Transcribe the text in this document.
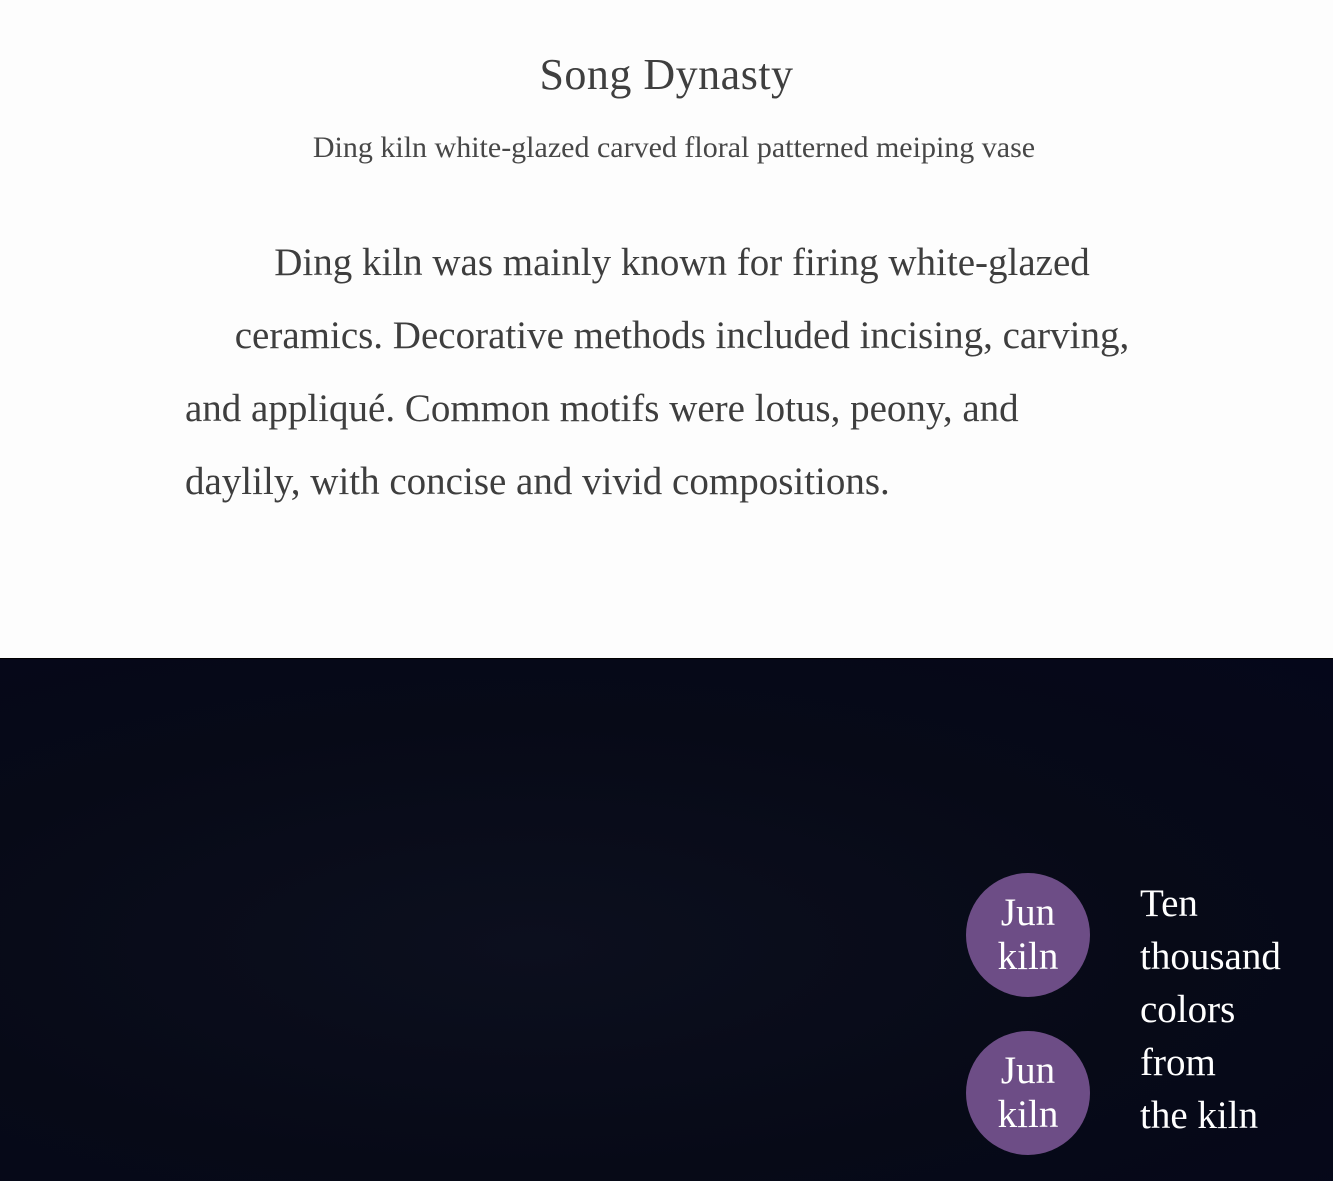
Song Dynasty
Ding kiln white-glazed carved floral patterned meiping vase

Ding kiln was mainly known for firing white-glazed
ceramics. Decorative methods included incising, carving,
and appliqué. Common motifs were lotus, peony, and
daylily, with concise and vivid compositions.

Jun
kiln
Jun
kiln
Ten
thousand
colors
from
the kiln
